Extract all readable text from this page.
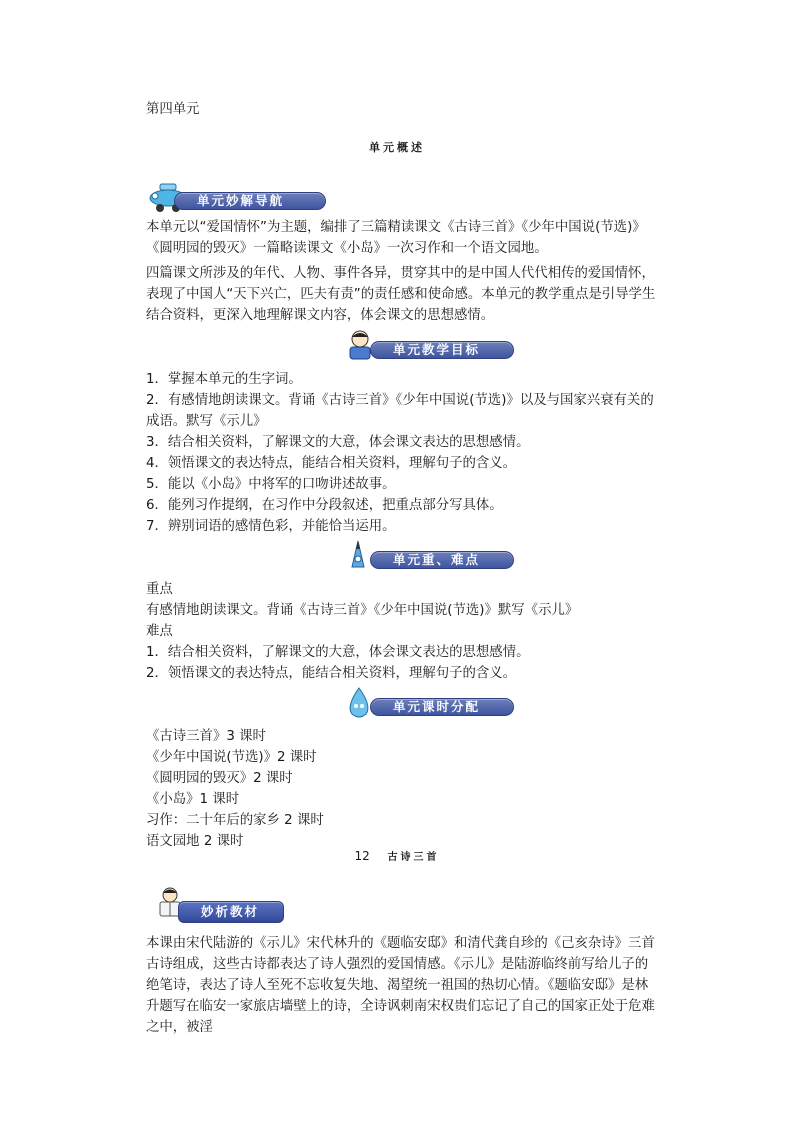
第四单元
单元概述
单元妙解导航
本单元以“爱国情怀”为主题，编排了三篇精读课文《古诗三首》《少年中国说(节选)》《圆明园的毁灭》一篇略读课文《小岛》一次习作和一个语文园地。
四篇课文所涉及的年代、人物、事件各异，贯穿其中的是中国人代代相传的爱国情怀，表现了中国人“天下兴亡，匹夫有责”的责任感和使命感。本单元的教学重点是引导学生结合资料，更深入地理解课文内容，体会课文的思想感情。
单元教学目标
1．掌握本单元的生字词。
2．有感情地朗读课文。背诵《古诗三首》《少年中国说(节选)》以及与国家兴衰有关的
成语。默写《示儿》
3．结合相关资料，了解课文的大意，体会课文表达的思想感情。
4．领悟课文的表达特点，能结合相关资料，理解句子的含义。
5．能以《小岛》中将军的口吻讲述故事。
6．能列习作提纲，在习作中分段叙述，把重点部分写具体。
7．辨别词语的感情色彩，并能恰当运用。
单元重、难点
重点
有感情地朗读课文。背诵《古诗三首》《少年中国说(节选)》默写《示儿》
难点
1．结合相关资料，了解课文的大意，体会课文表达的思想感情。
2．领悟课文的表达特点，能结合相关资料，理解句子的含义。
单元课时分配
《古诗三首》3 课时
《少年中国说(节选)》2 课时
《圆明园的毁灭》2 课时
《小岛》1 课时
习作：二十年后的家乡 2 课时
语文园地 2 课时
12 古诗三首
妙析教材
本课由宋代陆游的《示儿》宋代林升的《题临安邸》和清代龚自珍的《己亥杂诗》三首古诗组成，这些古诗都表达了诗人强烈的爱国情感。《示儿》是陆游临终前写给儿子的绝笔诗，表达了诗人至死不忘收复失地、渴望统一祖国的热切心情。《题临安邸》是林升题写在临安一家旅店墙壁上的诗，全诗讽刺南宋权贵们忘记了自己的国家正处于危难之中，被淫
